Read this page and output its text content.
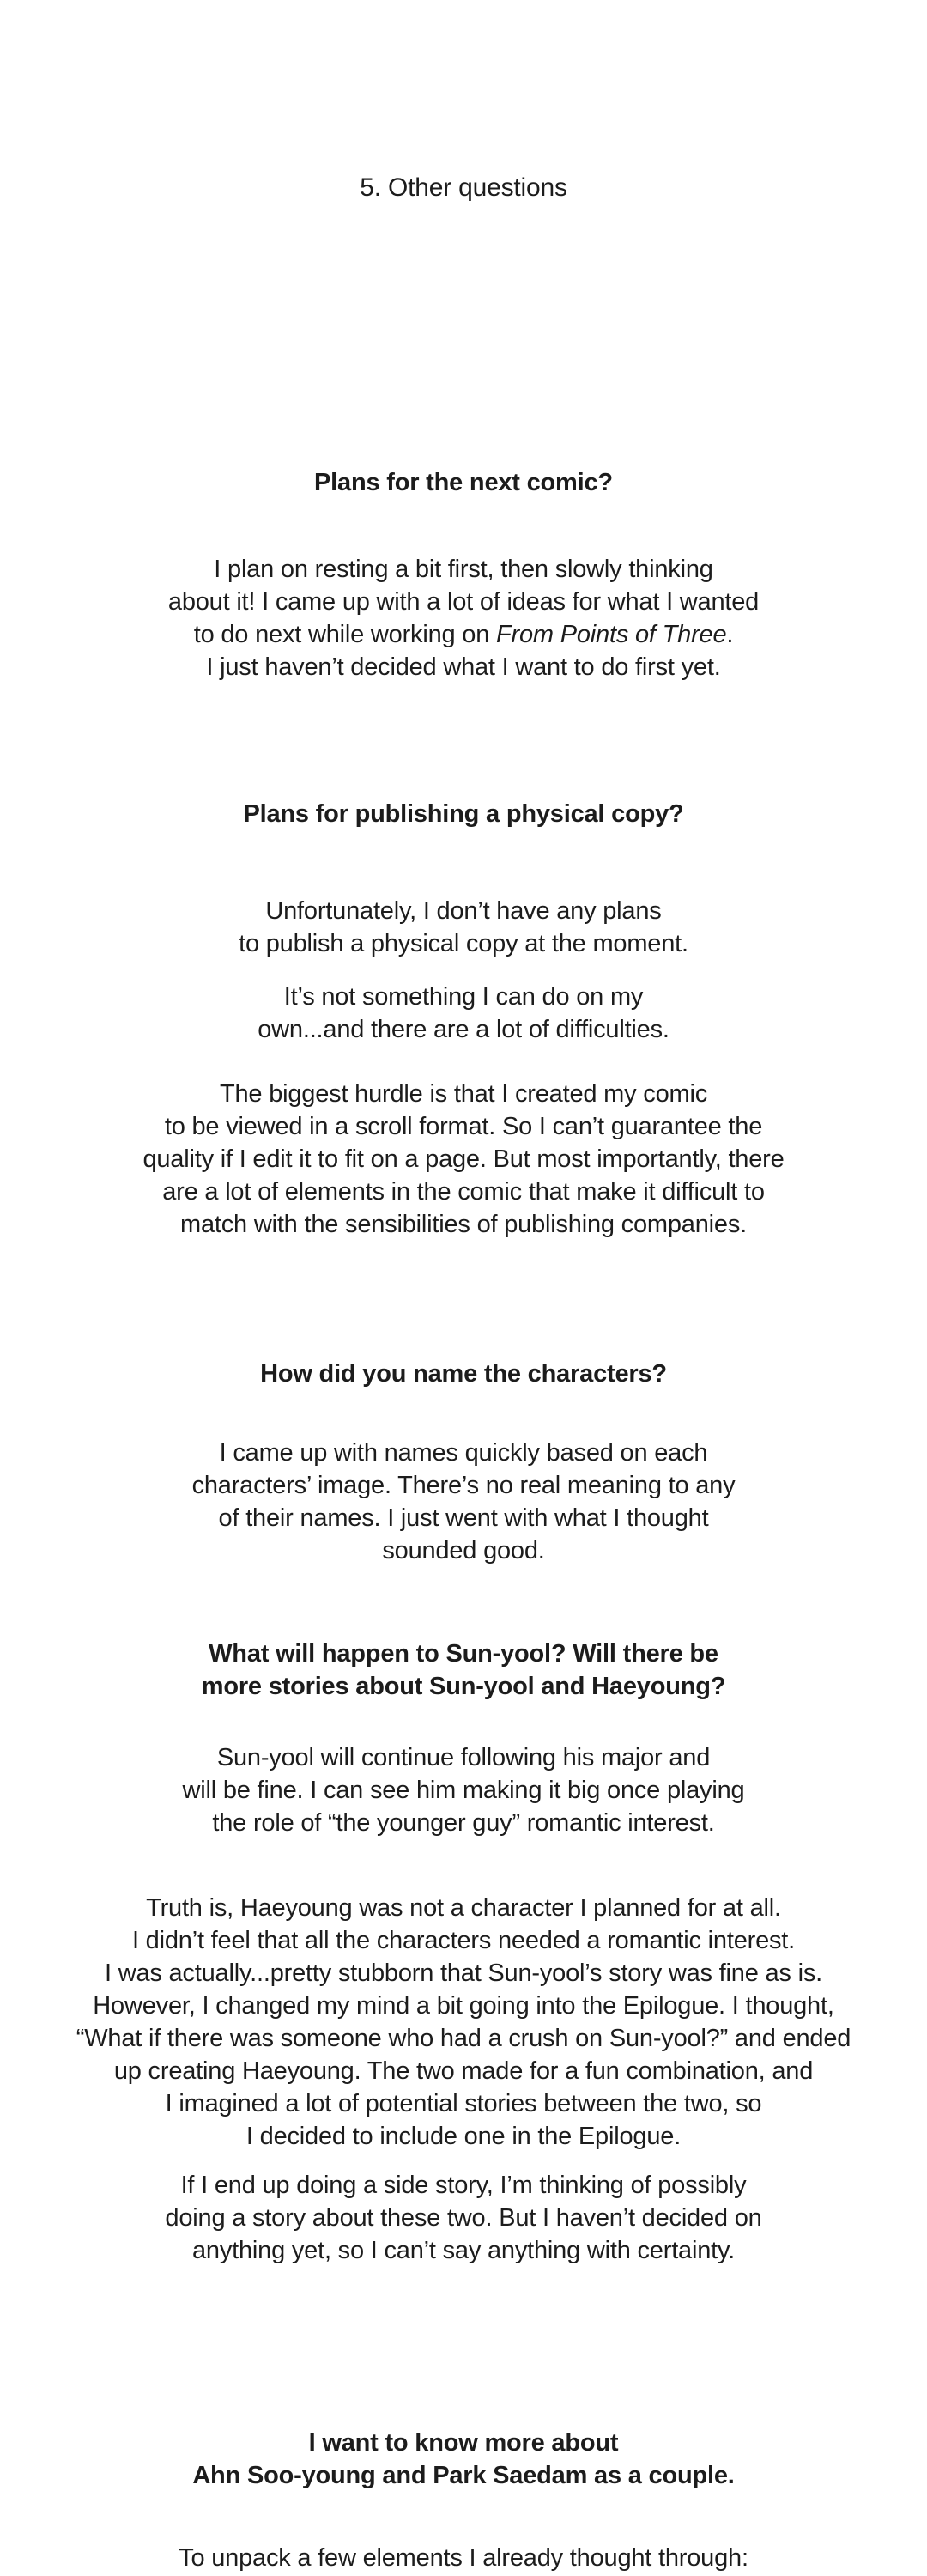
5. Other questions
Plans for the next comic?
I plan on resting a bit first, then slowly thinking
about it! I came up with a lot of ideas for what I wanted
to do next while working on From Points of Three.
I just haven’t decided what I want to do first yet.
Plans for publishing a physical copy?
Unfortunately, I don’t have any plans
to publish a physical copy at the moment.
It’s not something I can do on my
own...and there are a lot of difficulties.
The biggest hurdle is that I created my comic
to be viewed in a scroll format. So I can’t guarantee the
quality if I edit it to fit on a page. But most importantly, there
are a lot of elements in the comic that make it difficult to
match with the sensibilities of publishing companies.
How did you name the characters?
I came up with names quickly based on each
characters’ image. There’s no real meaning to any
of their names. I just went with what I thought
sounded good.
What will happen to Sun-yool? Will there be
more stories about Sun-yool and Haeyoung?
Sun-yool will continue following his major and
will be fine. I can see him making it big once playing
the role of “the younger guy” romantic interest.
Truth is, Haeyoung was not a character I planned for at all.
I didn’t feel that all the characters needed a romantic interest.
I was actually...pretty stubborn that Sun-yool’s story was fine as is.
However, I changed my mind a bit going into the Epilogue. I thought,
“What if there was someone who had a crush on Sun-yool?” and ended
up creating Haeyoung. The two made for a fun combination, and
I imagined a lot of potential stories between the two, so
I decided to include one in the Epilogue.
If I end up doing a side story, I’m thinking of possibly
doing a story about these two. But I haven’t decided on
anything yet, so I can’t say anything with certainty.
I want to know more about
Ahn Soo-young and Park Saedam as a couple.
To unpack a few elements I already thought through:
